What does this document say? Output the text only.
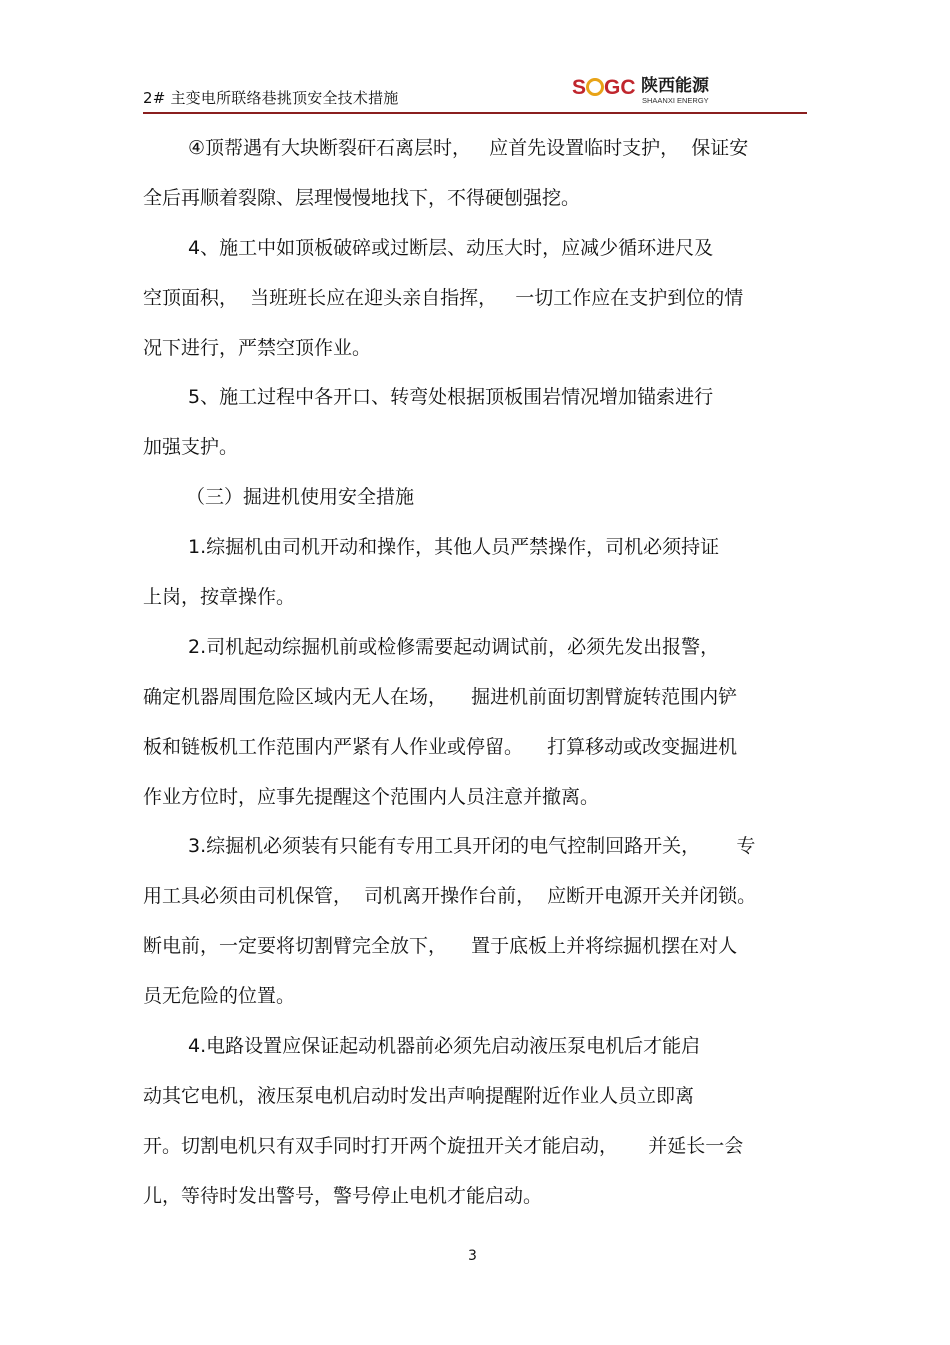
2# 主变电所联络巷挑顶安全技术措施	S GC 陕西能源
SHAANXI ENERGY
④顶帮遇有大块断裂矸石离层时，   应首先设置临时支护，  保证安
全后再顺着裂隙、层理慢慢地找下，不得硬刨强挖。
4、施工中如顶板破碎或过断层、动压大时，应减少循环进尺及
空顶面积，  当班班长应在迎头亲自指挥，   一切工作应在支护到位的情
况下进行，严禁空顶作业。
5、施工过程中各开口、转弯处根据顶板围岩情况增加锚索进行
加强支护。
（三）掘进机使用安全措施
1.综掘机由司机开动和操作，其他人员严禁操作，司机必须持证
上岗，按章操作。
2.司机起动综掘机前或检修需要起动调试前，必须先发出报警，
确定机器周围危险区域内无人在场，    掘进机前面切割臂旋转范围内铲
板和链板机工作范围内严紧有人作业或停留。    打算移动或改变掘进机
作业方位时，应事先提醒这个范围内人员注意并撤离。
3.综掘机必须装有只能有专用工具开闭的电气控制回路开关，      专
用工具必须由司机保管，  司机离开操作台前，  应断开电源开关并闭锁。
断电前，一定要将切割臂完全放下，    置于底板上并将综掘机摆在对人
员无危险的位置。
4.电路设置应保证起动机器前必须先启动液压泵电机后才能启
动其它电机，液压泵电机启动时发出声响提醒附近作业人员立即离
开。切割电机只有双手同时打开两个旋扭开关才能启动，     并延长一会
儿，等待时发出警号，警号停止电机才能启动。
3
